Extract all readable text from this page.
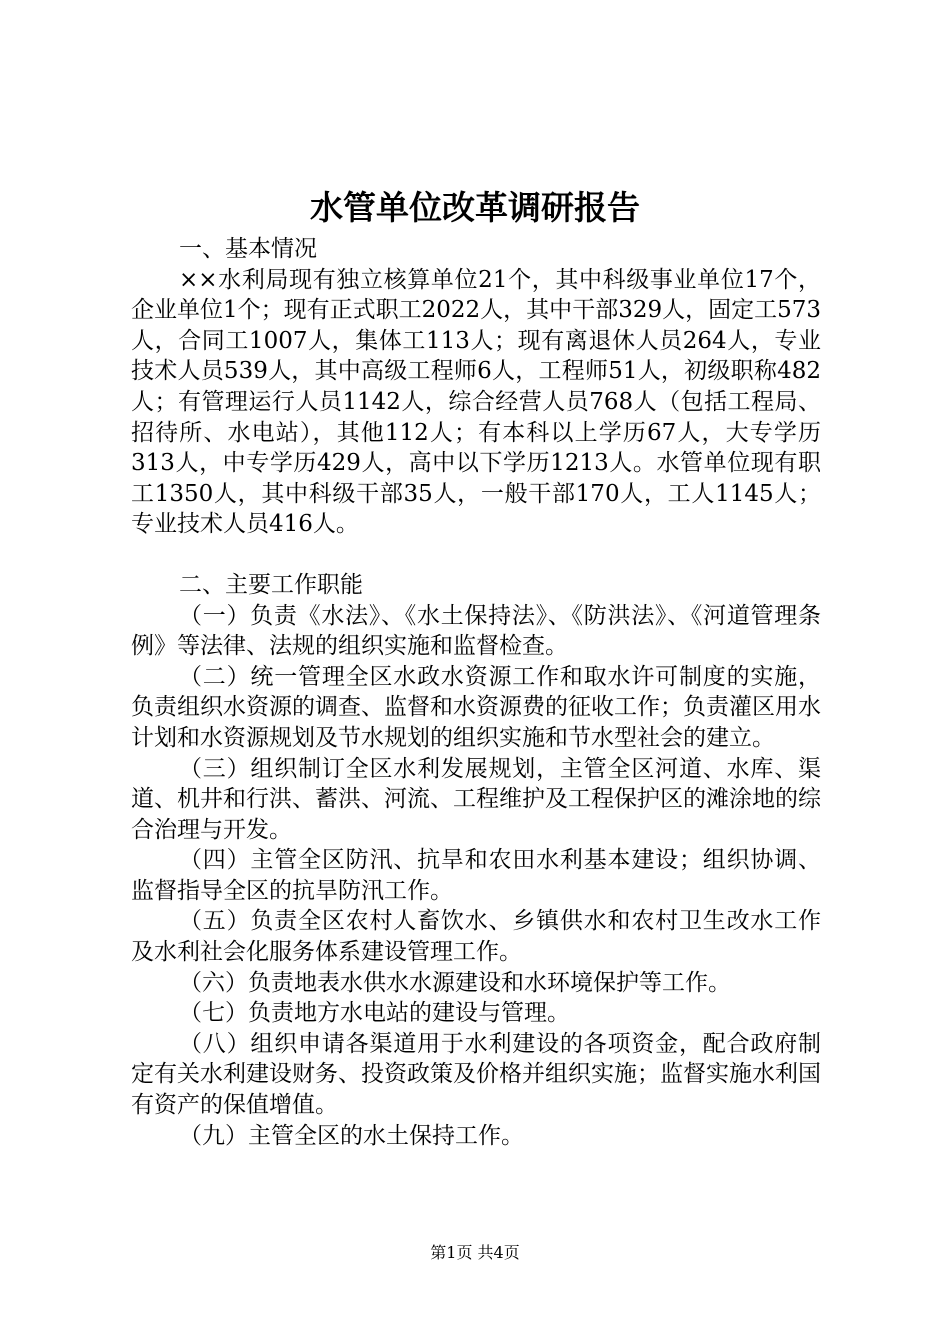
水管单位改革调研报告

一、基本情况

××水利局现有独立核算单位21个，其中科级事业单位17个，企业单位1个；现有正式职工2022人，其中干部329人，固定工573人，合同工1007人，集体工113人；现有离退休人员264人，专业技术人员539人，其中高级工程师6人，工程师51人，初级职称482人；有管理运行人员1142人，综合经营人员768人（包括工程局、招待所、水电站），其他112人；有本科以上学历67人，大专学历313人，中专学历429人，高中以下学历1213人。水管单位现有职工1350人，其中科级干部35人，一般干部170人，工人1145人；专业技术人员416人。

二、主要工作职能

（一）负责《水法》、《水土保持法》、《防洪法》、《河道管理条例》等法律、法规的组织实施和监督检查。

（二）统一管理全区水政水资源工作和取水许可制度的实施，负责组织水资源的调查、监督和水资源费的征收工作；负责灌区用水计划和水资源规划及节水规划的组织实施和节水型社会的建立。

（三）组织制订全区水利发展规划，主管全区河道、水库、渠道、机井和行洪、蓄洪、河流、工程维护及工程保护区的滩涂地的综合治理与开发。

（四）主管全区防汛、抗旱和农田水利基本建设；组织协调、监督指导全区的抗旱防汛工作。

（五）负责全区农村人畜饮水、乡镇供水和农村卫生改水工作及水利社会化服务体系建设管理工作。

（六）负责地表水供水水源建设和水环境保护等工作。

（七）负责地方水电站的建设与管理。

（八）组织申请各渠道用于水利建设的各项资金，配合政府制定有关水利建设财务、投资政策及价格并组织实施；监督实施水利国有资产的保值增值。

（九）主管全区的水土保持工作。

第1页 共4页
